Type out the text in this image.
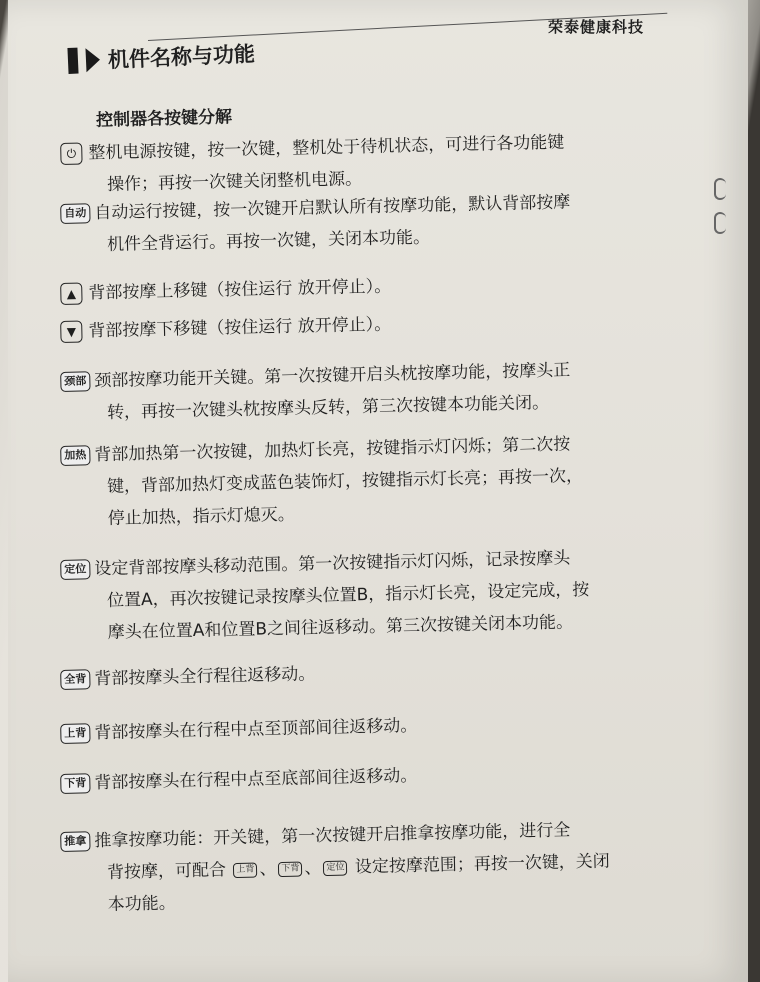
荣泰健康科技
机件名称与功能
控制器各按键分解
⏻ 整机电源按键，按一次键，整机处于待机状态，可进行各功能键
操作；再按一次键关闭整机电源。
自动 自动运行按键，按一次键开启默认所有按摩功能，默认背部按摩
机件全背运行。再按一次键，关闭本功能。
▲ 背部按摩上移键（按住运行 放开停止）。
▼ 背部按摩下移键（按住运行 放开停止）。
颈部 颈部按摩功能开关键。第一次按键开启头枕按摩功能，按摩头正
转，再按一次键头枕按摩头反转，第三次按键本功能关闭。
加热 背部加热第一次按键，加热灯长亮，按键指示灯闪烁；第二次按
键，背部加热灯变成蓝色装饰灯，按键指示灯长亮；再按一次，
停止加热，指示灯熄灭。
定位 设定背部按摩头移动范围。第一次按键指示灯闪烁，记录按摩头
位置A，再次按键记录按摩头位置B，指示灯长亮，设定完成，按
摩头在位置A和位置B之间往返移动。第三次按键关闭本功能。
全背 背部按摩头全行程往返移动。
上背 背部按摩头在行程中点至顶部间往返移动。
下背 背部按摩头在行程中点至底部间往返移动。
推拿 推拿按摩功能：开关键，第一次按键开启推拿按摩功能，进行全
背按摩，可配合 上背 、 下背 、 定位 设定按摩范围；再按一次键，关闭
本功能。
